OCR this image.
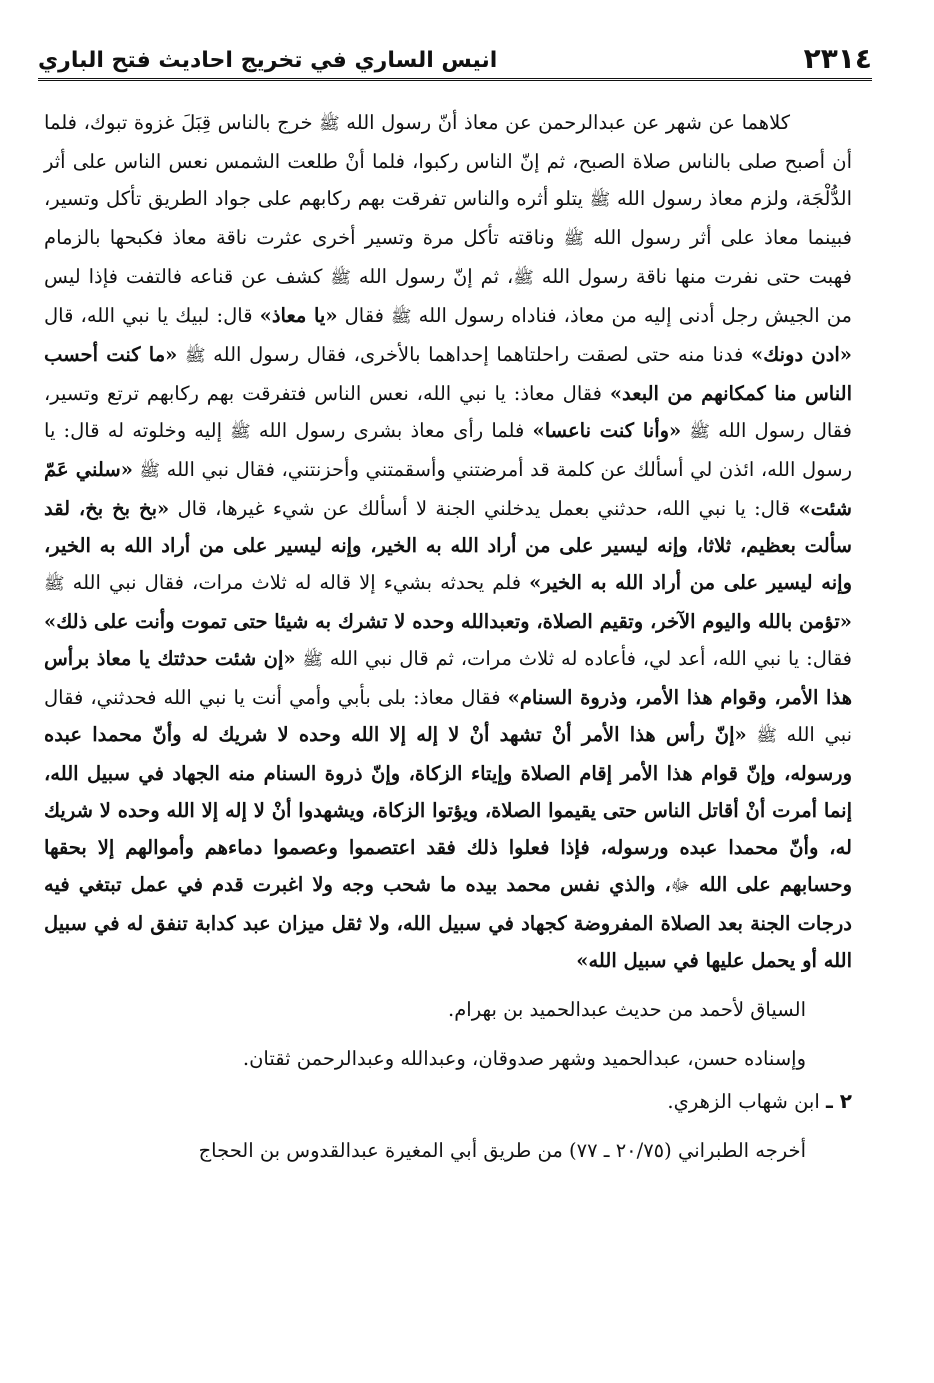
٢٣١٤
انيس الساري في تخريج احاديث فتح الباري

كلاهما عن شهر عن عبدالرحمن عن معاذ أنّ رسول الله ﷺ خرج بالناس قِبَلَ غزوة تبوك، فلما أن أصبح صلى بالناس صلاة الصبح، ثم إنّ الناس ركبوا، فلما أنْ طلعت الشمس نعس الناس على أثر الدُّلْجَة، ولزم معاذ رسول الله ﷺ يتلو أثره والناس تفرقت بهم ركابهم على جواد الطريق تأكل وتسير، فبينما معاذ على أثر رسول الله ﷺ وناقته تأكل مرة وتسير أخرى عثرت ناقة معاذ فكبحها بالزمام فهبت حتى نفرت منها ناقة رسول الله ﷺ، ثم إنّ رسول الله ﷺ كشف عن قناعه فالتفت فإذا ليس من الجيش رجل أدنى إليه من معاذ، فناداه رسول الله ﷺ فقال «يا معاذ» قال: لبيك يا نبي الله، قال «ادن دونك» فدنا منه حتى لصقت راحلتاهما إحداهما بالأخرى، فقال رسول الله ﷺ «ما كنت أحسب الناس منا كمكانهم من البعد» فقال معاذ: يا نبي الله، نعس الناس فتفرقت بهم ركابهم ترتع وتسير، فقال رسول الله ﷺ «وأنا كنت ناعسا» فلما رأى معاذ بشرى رسول الله ﷺ إليه وخلوته له قال: يا رسول الله، ائذن لي أسألك عن كلمة قد أمرضتني وأسقمتني وأحزنتني، فقال نبي الله ﷺ «سلني عَمّ شئت» قال: يا نبي الله، حدثني بعمل يدخلني الجنة لا أسألك عن شيء غيرها، قال «بخ بخ بخ، لقد سألت بعظيم، ثلاثا، وإنه ليسير على من أراد الله به الخير، وإنه ليسير على من أراد الله به الخير، وإنه ليسير على من أراد الله به الخير» فلم يحدثه بشيء إلا قاله له ثلاث مرات، فقال نبي الله ﷺ «تؤمن بالله واليوم الآخر، وتقيم الصلاة، وتعبدالله وحده لا تشرك به شيئا حتى تموت وأنت على ذلك» فقال: يا نبي الله، أعد لي، فأعاده له ثلاث مرات، ثم قال نبي الله ﷺ «إن شئت حدثتك يا معاذ برأس هذا الأمر، وقوام هذا الأمر، وذروة السنام» فقال معاذ: بلى بأبي وأمي أنت يا نبي الله فحدثني، فقال نبي الله ﷺ «إنّ رأس هذا الأمر أنْ تشهد أنْ لا إله إلا الله وحده لا شريك له وأنّ محمدا عبده ورسوله، وإنّ قوام هذا الأمر إقام الصلاة وإيتاء الزكاة، وإنّ ذروة السنام منه الجهاد في سبيل الله، إنما أمرت أنْ أقاتل الناس حتى يقيموا الصلاة، ويؤتوا الزكاة، ويشهدوا أنْ لا إله إلا الله وحده لا شريك له، وأنّ محمدا عبده ورسوله، فإذا فعلوا ذلك فقد اعتصموا وعصموا دماءهم وأموالهم إلا بحقها وحسابهم على الله ﷻ، والذي نفس محمد بيده ما شحب وجه ولا اغبرت قدم في عمل تبتغي فيه درجات الجنة بعد الصلاة المفروضة كجهاد في سبيل الله، ولا ثقل ميزان عبد كدابة تنفق له في سبيل الله أو يحمل عليها في سبيل الله»

السياق لأحمد من حديث عبدالحميد بن بهرام.

وإسناده حسن، عبدالحميد وشهر صدوقان، وعبدالله وعبدالرحمن ثقتان.

٢ ـ ابن شهاب الزهري.

أخرجه الطبراني (٢٠/٧٥ ـ ٧٧) من طريق أبي المغيرة عبدالقدوس بن الحجاج
